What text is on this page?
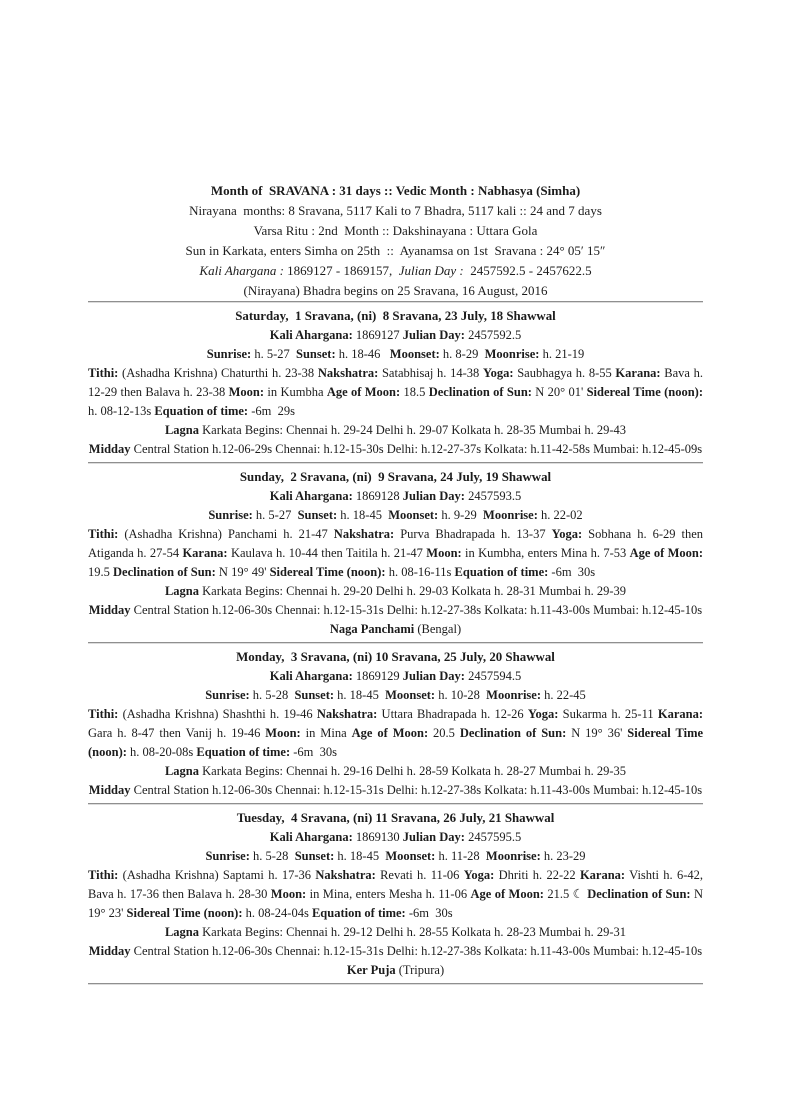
Month of  SRAVANA : 31 days :: Vedic Month : Nabhasya (Simha)
Nirayana  months: 8 Sravana, 5117 Kali to 7 Bhadra, 5117 kali :: 24 and 7 days
Varsa Ritu : 2nd  Month :: Dakshinayana : Uttara Gola
Sun in Karkata, enters Simha on 25th  ::  Ayanamsa on 1st  Sravana : 24° 05′ 15″
Kali Ahargana : 1869127 - 1869157, Julian Day : 2457592.5 - 2457622.5
(Nirayana) Bhadra begins on 25 Sravana, 16 August, 2016
Saturday,  1 Sravana, (ni)  8 Sravana, 23 July, 18 Shawwal
Kali Ahargana: 1869127 Julian Day: 2457592.5
Sunrise: h. 5-27 Sunset: h. 18-46 Moonset: h. 8-29 Moonrise: h. 21-19
Tithi: (Ashadha Krishna) Chaturthi h. 23-38 Nakshatra: Satabhisaj h. 14-38 Yoga: Saubhagya h. 8-55 Karana: Bava h. 12-29 then Balava h. 23-38 Moon: in Kumbha Age of Moon: 18.5 Declination of Sun: N 20° 01' Sidereal Time (noon): h. 08-12-13s Equation of time: -6m  29s
Lagna Karkata Begins: Chennai h. 29-24 Delhi h. 29-07 Kolkata h. 28-35 Mumbai h. 29-43
Midday Central Station h.12-06-29s Chennai: h.12-15-30s Delhi: h.12-27-37s Kolkata: h.11-42-58s Mumbai: h.12-45-09s
Sunday,  2 Sravana, (ni)  9 Sravana, 24 July, 19 Shawwal
Kali Ahargana: 1869128 Julian Day: 2457593.5
Sunrise: h. 5-27 Sunset: h. 18-45 Moonset: h. 9-29 Moonrise: h. 22-02
Tithi: (Ashadha Krishna) Panchami h. 21-47 Nakshatra: Purva Bhadrapada h. 13-37 Yoga: Sobhana h. 6-29 then Atiganda h. 27-54 Karana: Kaulava h. 10-44 then Taitila h. 21-47 Moon: in Kumbha, enters Mina h. 7-53 Age of Moon: 19.5 Declination of Sun: N 19° 49' Sidereal Time (noon): h. 08-16-11s Equation of time: -6m  30s
Lagna Karkata Begins: Chennai h. 29-20 Delhi h. 29-03 Kolkata h. 28-31 Mumbai h. 29-39
Midday Central Station h.12-06-30s Chennai: h.12-15-31s Delhi: h.12-27-38s Kolkata: h.11-43-00s Mumbai: h.12-45-10s
Naga Panchami (Bengal)
Monday,  3 Sravana, (ni) 10 Sravana, 25 July, 20 Shawwal
Kali Ahargana: 1869129 Julian Day: 2457594.5
Sunrise: h. 5-28 Sunset: h. 18-45 Moonset: h. 10-28 Moonrise: h. 22-45
Tithi: (Ashadha Krishna) Shashthi h. 19-46 Nakshatra: Uttara Bhadrapada h. 12-26 Yoga: Sukarma h. 25-11 Karana: Gara h. 8-47 then Vanij h. 19-46 Moon: in Mina Age of Moon: 20.5 Declination of Sun: N 19° 36' Sidereal Time (noon): h. 08-20-08s Equation of time: -6m  30s
Lagna Karkata Begins: Chennai h. 29-16 Delhi h. 28-59 Kolkata h. 28-27 Mumbai h. 29-35
Midday Central Station h.12-06-30s Chennai: h.12-15-31s Delhi: h.12-27-38s Kolkata: h.11-43-00s Mumbai: h.12-45-10s
Tuesday,  4 Sravana, (ni) 11 Sravana, 26 July, 21 Shawwal
Kali Ahargana: 1869130 Julian Day: 2457595.5
Sunrise: h. 5-28 Sunset: h. 18-45 Moonset: h. 11-28 Moonrise: h. 23-29
Tithi: (Ashadha Krishna) Saptami h. 17-36 Nakshatra: Revati h. 11-06 Yoga: Dhriti h. 22-22 Karana: Vishti h. 6-42, Bava h. 17-36 then Balava h. 28-30 Moon: in Mina, enters Mesha h. 11-06 Age of Moon: 21.5 ☾ Declination of Sun: N 19° 23' Sidereal Time (noon): h. 08-24-04s Equation of time: -6m  30s
Lagna Karkata Begins: Chennai h. 29-12 Delhi h. 28-55 Kolkata h. 28-23 Mumbai h. 29-31
Midday Central Station h.12-06-30s Chennai: h.12-15-31s Delhi: h.12-27-38s Kolkata: h.11-43-00s Mumbai: h.12-45-10s
Ker Puja (Tripura)
